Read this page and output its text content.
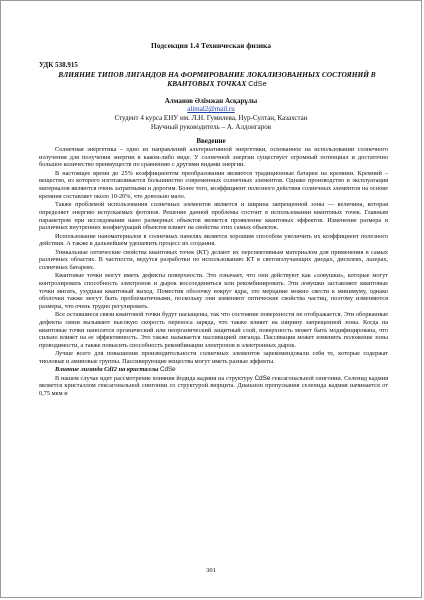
Подсекция 1.4 Техническая физика
УДК 538.915
ВЛИЯНИЕ ТИПОВ ЛИГАНДОВ НА ФОРМИРОВАНИЕ ЛОКАЛИЗОВАННЫХ СОСТОЯНИЙ В КВАНТОВЫХ ТОЧКАХ CdSe
Алманов Әлімжан Асқарұлы
alimal2@mail.ru
Студент 4 курса ЕНУ им. Л.Н. Гумилева, Нур-Султан, Казахстан
Научный руководитель – А. Алдонгаров
Введение

Солнечная энергетика – одно из направлений альтернативной энергетики, основанное на использовании солнечного излучения для получения энергии в каком-либо виде. У солнечной энергии существует огромный потенциал и достаточно большое количество преимуществ по сравнению с другими видами энергии.

В настоящее время до 25% коэффициентом преобразования являются традиционные батареи на кремнии. Кремний – вещество, из которого изготавливается большинство современных солнечных элементов. Однако производство и эксплуатация материалов являются очень затратными и дорогим. Более того, коэффициент полезного действия солнечных элементов на основе кремния составляет около 10-20%, что довольно мало.

Также проблемой использования солнечных элементов является и ширина запрещенной зоны — величина, которая определяет энергию испускаемых фотонов. Решение данной проблемы состоит в использовании квантовых точек. Главным параметром при исследовании нано размерных объектов является проявление квантовых эффектов. Изменение размера и различных внутренних конфигураций объектов влияет на свойства этих самых объектов.

Использование наноматериалов в солнечных панелях является хорошим способом увеличить их коэффициент полезного действия. А также в дальнейшем удешевить процесс их создания.

Уникальные оптические свойства квантовых точек (КТ) делают их перспективным материалом для применения в самых различных областях. В частности, ведутся разработки по использованию КТ в светоизлучающих диодах, дисплеях, лазерах, солнечных батареях.

Квантовые точки могут иметь дефекты поверхности. Это означает, что они действуют как «ловушки», которые могут контролировать способность электронов и дырок воссоединяться или рекомбинировать. Эти ловушки заставляют квантовые точки мигать, ухудшая квантовый выход. Поместив оболочку вокруг ядра, это мерцание можно свести к минимуму, однако оболочки также могут быть проблематичными, поскольку они изменяют оптические свойства частиц, поэтому изменяются размеры, что очень трудно регулировать.

Все оставшиеся связи квантовой точки будут насыщены, так что состояние поверхности не отображается. Эти оборванные дефекты связи вызывают высокую скорость переноса заряда, что также влияет на ширину запрещенной зоны. Когда на квантовые точки наносится органический или неорганический защитный слой, поверхность может быть модифицирована, что сильно влияет на ее эффективность. Это также называется пассивацией лиганда. Пассивация может изменить положение зоны проводимости, а также повысить способность рекомбинации электронов и электронных дырок.

Лучше всего для повышения производительности солнечных элементов зарекомендовали себя те, которые содержат тиоловые и аминовые группы. Пассивирующие вещества могут иметь разные эффекты.

Влияние лиганда CdI2 на кристаллы CdSe

В нашем случае идет рассмотрение влияния йодида кадмия на структуру CdSe гексагональной сингонии. Селенид кадмия является кристаллом гексагональной сингонии со структурой вюрцита. Диапазон пропускания селенида кадмия начинается от 0,75 мкм и

301
